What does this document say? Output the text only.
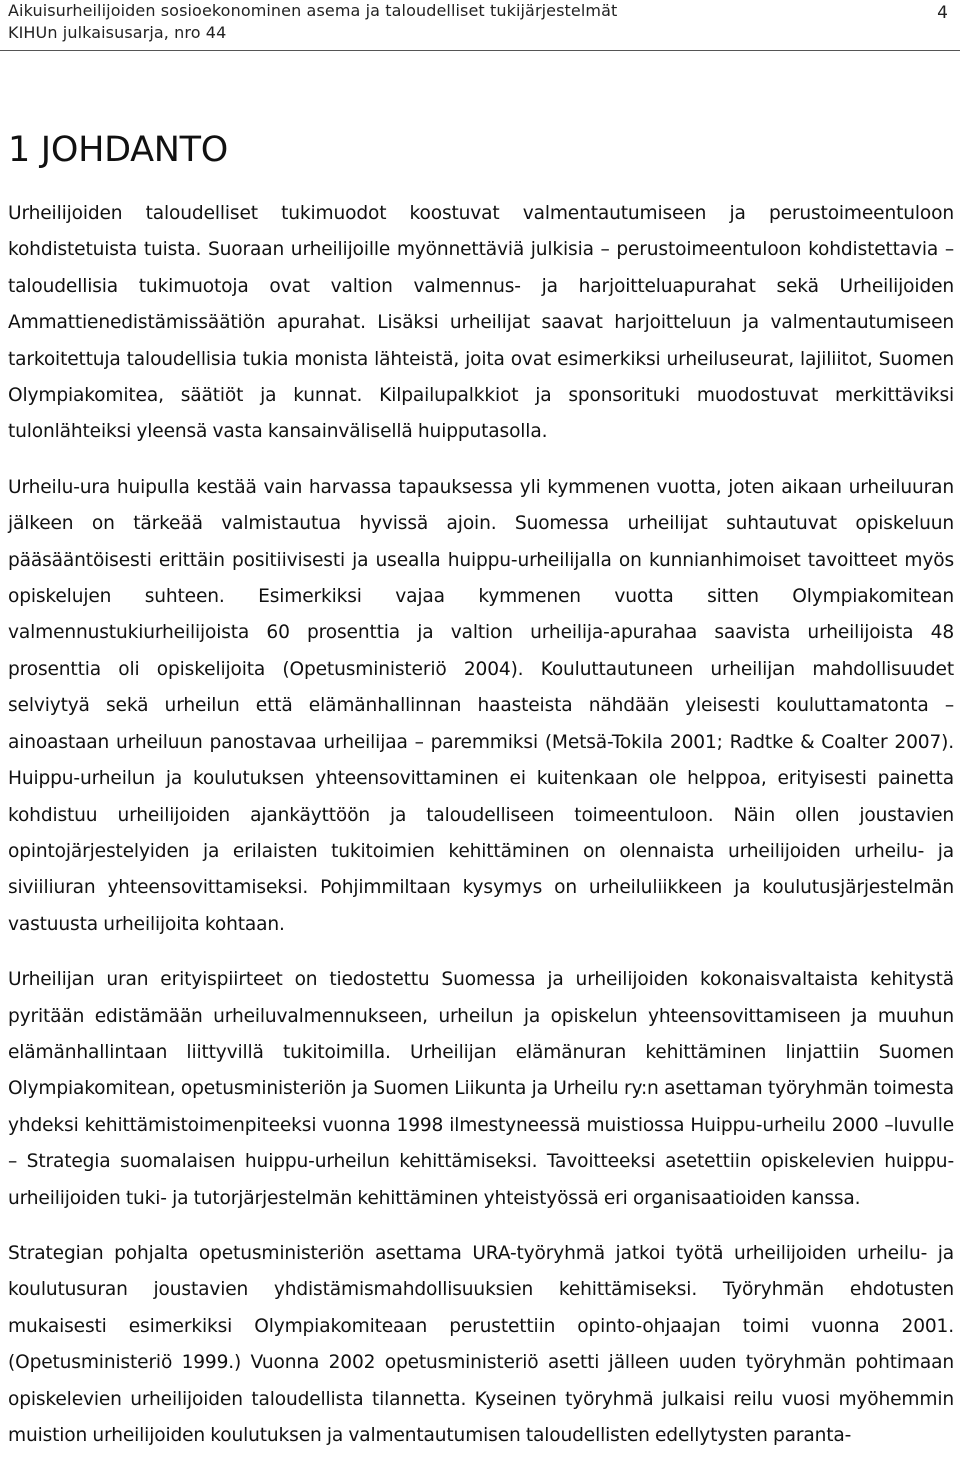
Aikuisurheilijoiden sosioekonominen asema ja taloudelliset tukijärjestelmät
KIHUn julkaisusarja, nro 44
4
1 JOHDANTO

Urheilijoiden taloudelliset tukimuodot koostuvat valmentautumiseen ja perustoimeentuloon kohdistetuista tuista. Suoraan urheilijoille myönnettäviä julkisia – perustoimeentuloon kohdistettavia – taloudellisia tukimuotoja ovat valtion valmennus- ja harjoitteluapurahat sekä Urheilijoiden Ammattienedistämissäätiön apurahat. Lisäksi urheilijat saavat harjoitteluun ja valmentautumiseen tarkoitettuja taloudellisia tukia monista lähteistä, joita ovat esimerkiksi urheiluseurat, lajiliitot, Suomen Olympiakomitea, säätiöt ja kunnat. Kilpailupalkkiot ja sponsorituki muodostuvat merkittäviksi tulonlähteiksi yleensä vasta kansainvälisellä huipputasolla.

Urheilu-ura huipulla kestää vain harvassa tapauksessa yli kymmenen vuotta, joten aikaan urheiluuran jälkeen on tärkeää valmistautua hyvissä ajoin. Suomessa urheilijat suhtautuvat opiskeluun pääsääntöisesti erittäin positiivisesti ja usealla huippu-urheilijalla on kunnianhimoiset tavoitteet myös opiskelujen suhteen. Esimerkiksi vajaa kymmenen vuotta sitten Olympiakomitean valmennustukiurheilijoista 60 prosenttia ja valtion urheilija-apurahaa saavista urheilijoista 48 prosenttia oli opiskelijoita (Opetusministeriö 2004). Kouluttautuneen urheilijan mahdollisuudet selviytyä sekä urheilun että elämänhallinnan haasteista nähdään yleisesti kouluttamatonta – ainoastaan urheiluun panostavaa urheilijaa – paremmiksi (Metsä-Tokila 2001; Radtke & Coalter 2007). Huippu-urheilun ja koulutuksen yhteensovittaminen ei kuitenkaan ole helppoa, erityisesti painetta kohdistuu urheilijoiden ajankäyttöön ja taloudelliseen toimeentuloon. Näin ollen joustavien opintojärjestelyiden ja erilaisten tukitoimien kehittäminen on olennaista urheilijoiden urheilu- ja siviiliuran yhteensovittamiseksi. Pohjimmiltaan kysymys on urheiluliikkeen ja koulutusjärjestelmän vastuusta urheilijoita kohtaan.

Urheilijan uran erityispiirteet on tiedostettu Suomessa ja urheilijoiden kokonaisvaltaista kehitystä pyritään edistämään urheiluvalmennukseen, urheilun ja opiskelun yhteensovittamiseen ja muuhun elämänhallintaan liittyvillä tukitoimilla. Urheilijan elämänuran kehittäminen linjattiin Suomen Olympiakomitean, opetusministeriön ja Suomen Liikunta ja Urheilu ry:n asettaman työryhmän toimesta yhdeksi kehittämistoimenpiteeksi vuonna 1998 ilmestyneessä muistiossa Huippu-urheilu 2000 –luvulle – Strategia suomalaisen huippu-urheilun kehittämiseksi. Tavoitteeksi asetettiin opiskelevien huippu-urheilijoiden tuki- ja tutorjärjestelmän kehittäminen yhteistyössä eri organisaatioiden kanssa.

Strategian pohjalta opetusministeriön asettama URA-työryhmä jatkoi työtä urheilijoiden urheilu- ja koulutusuran joustavien yhdistämismahdollisuuksien kehittämiseksi. Työryhmän ehdotusten mukaisesti esimerkiksi Olympiakomiteaan perustettiin opinto-ohjaajan toimi vuonna 2001. (Opetusministeriö 1999.) Vuonna 2002 opetusministeriö asetti jälleen uuden työryhmän pohtimaan opiskelevien urheilijoiden taloudellista tilannetta. Kyseinen työryhmä julkaisi reilu vuosi myöhemmin muistion urheilijoiden koulutuksen ja valmentautumisen taloudellisten edellytysten paranta-
